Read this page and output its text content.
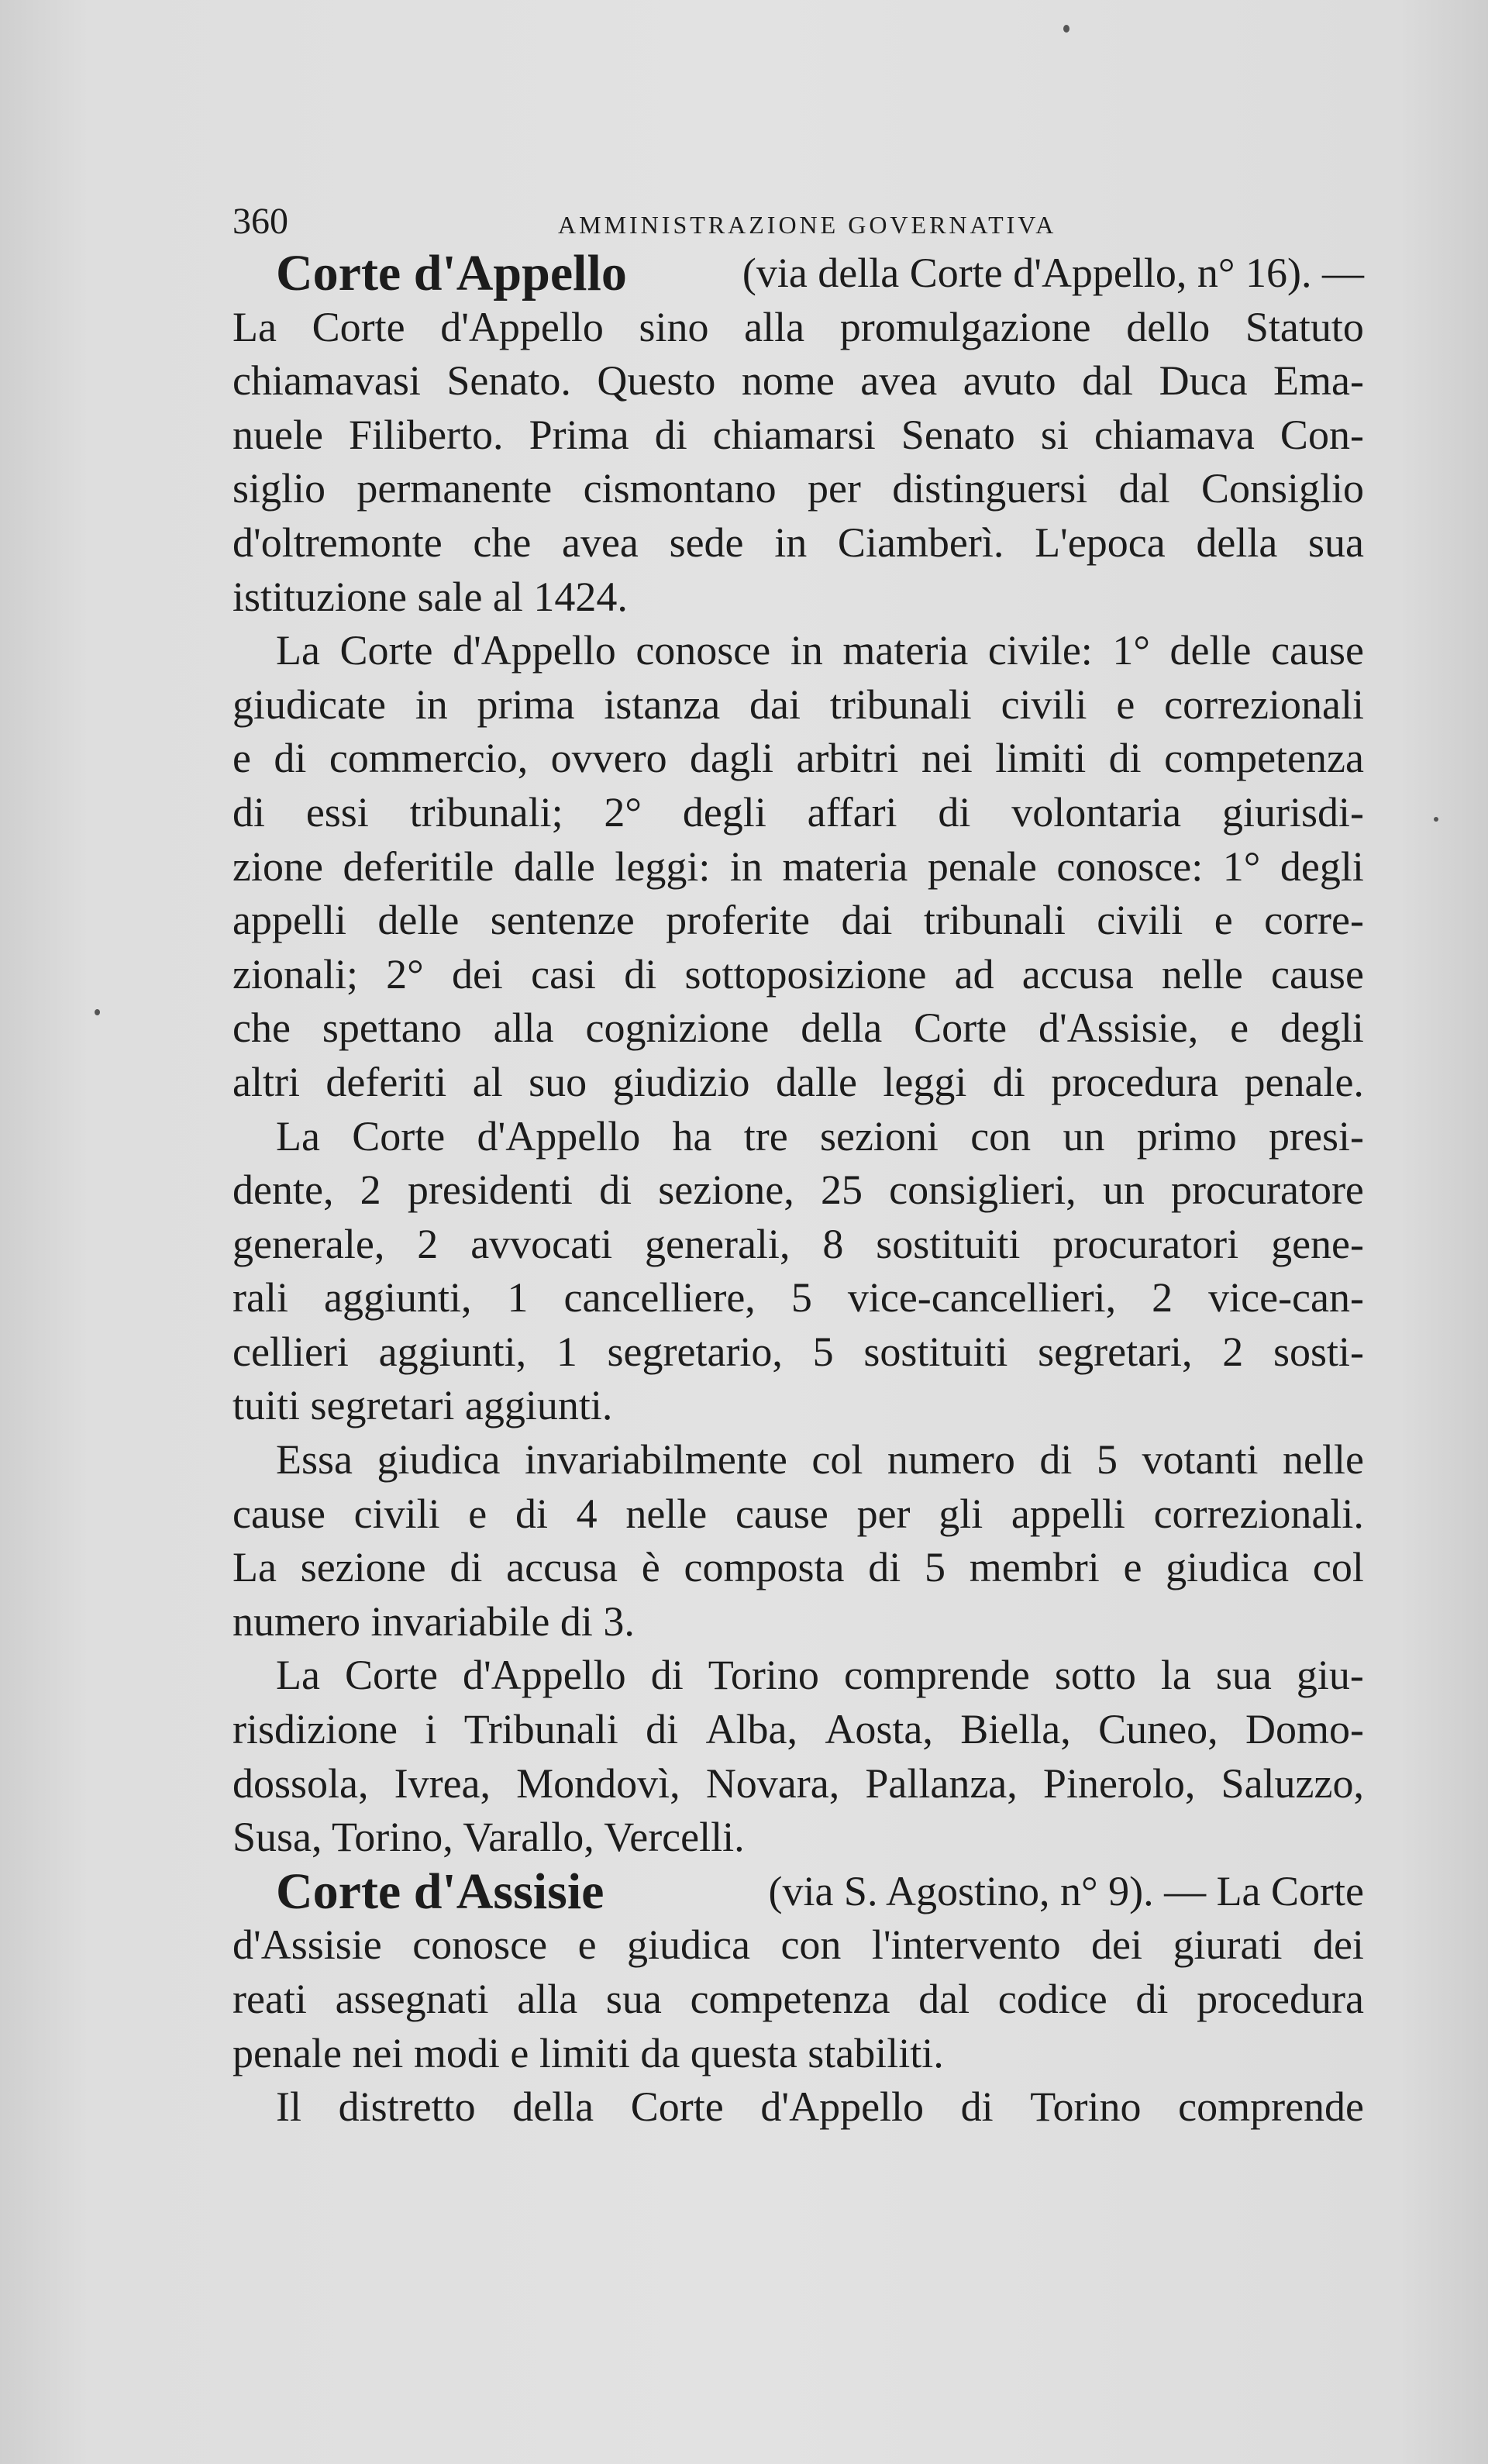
360	AMMINISTRAZIONE GOVERNATIVA
Corte d'Appello	(via della Corte d'Appello, n° 16). —
La Corte d'Appello sino alla promulgazione dello Statuto
chiamavasi Senato. Questo nome avea avuto dal Duca Ema-
nuele Filiberto. Prima di chiamarsi Senato si chiamava Con-
siglio permanente cismontano per distinguersi dal Consiglio
d'oltremonte che avea sede in Ciamberì. L'epoca della sua
istituzione sale al 1424.
La Corte d'Appello conosce in materia civile: 1° delle cause
giudicate in prima istanza dai tribunali civili e correzionali
e di commercio, ovvero dagli arbitri nei limiti di competenza
di essi tribunali; 2° degli affari di volontaria giurisdi-
zione deferitile dalle leggi: in materia penale conosce: 1° degli
appelli delle sentenze proferite dai tribunali civili e corre-
zionali; 2° dei casi di sottoposizione ad accusa nelle cause
che spettano alla cognizione della Corte d'Assisie, e degli
altri deferiti al suo giudizio dalle leggi di procedura penale.
La Corte d'Appello ha tre sezioni con un primo presi-
dente, 2 presidenti di sezione, 25 consiglieri, un procuratore
generale, 2 avvocati generali, 8 sostituiti procuratori gene-
rali aggiunti, 1 cancelliere, 5 vice-cancellieri, 2 vice-can-
cellieri aggiunti, 1 segretario, 5 sostituiti segretari, 2 sosti-
tuiti segretari aggiunti.
Essa giudica invariabilmente col numero di 5 votanti nelle
cause civili e di 4 nelle cause per gli appelli correzionali.
La sezione di accusa è composta di 5 membri e giudica col
numero invariabile di 3.
La Corte d'Appello di Torino comprende sotto la sua giu-
risdizione i Tribunali di Alba, Aosta, Biella, Cuneo, Domo-
dossola, Ivrea, Mondovì, Novara, Pallanza, Pinerolo, Saluzzo,
Susa, Torino, Varallo, Vercelli.
Corte d'Assisie	(via S. Agostino, n° 9). — La Corte
d'Assisie conosce e giudica con l'intervento dei giurati dei
reati assegnati alla sua competenza dal codice di procedura
penale nei modi e limiti da questa stabiliti.
Il distretto della Corte d'Appello di Torino comprende
